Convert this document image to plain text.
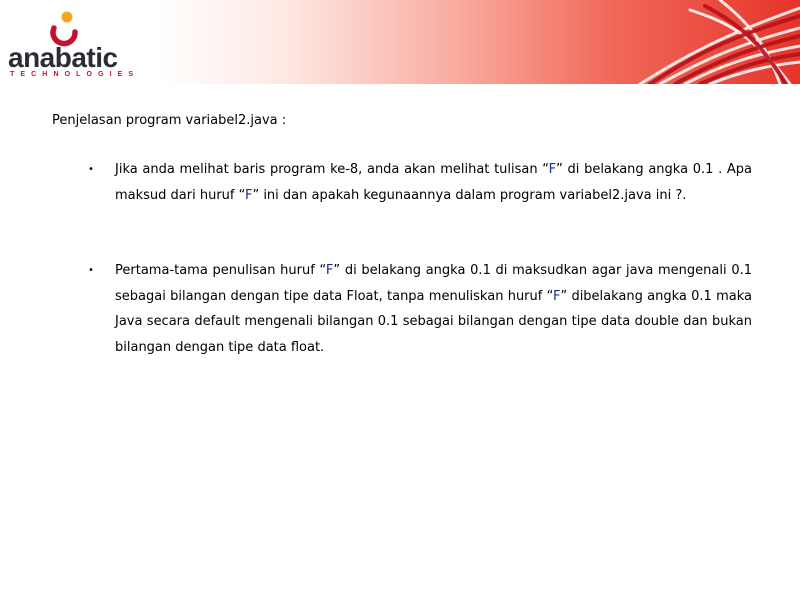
anabatic
TECHNOLOGIES
Penjelasan program variabel2.java :
• Jika anda melihat baris program ke-8, anda akan melihat tulisan “F” di belakang angka 0.1 . Apa maksud dari huruf “F” ini dan apakah kegunaannya dalam program variabel2.java ini ?.
• Pertama-tama penulisan huruf “F” di belakang angka 0.1 di maksudkan agar java mengenali 0.1 sebagai bilangan dengan tipe data Float, tanpa menuliskan huruf “F” dibelakang angka 0.1 maka Java secara default mengenali bilangan 0.1 sebagai bilangan dengan tipe data double dan bukan bilangan dengan tipe data float.
